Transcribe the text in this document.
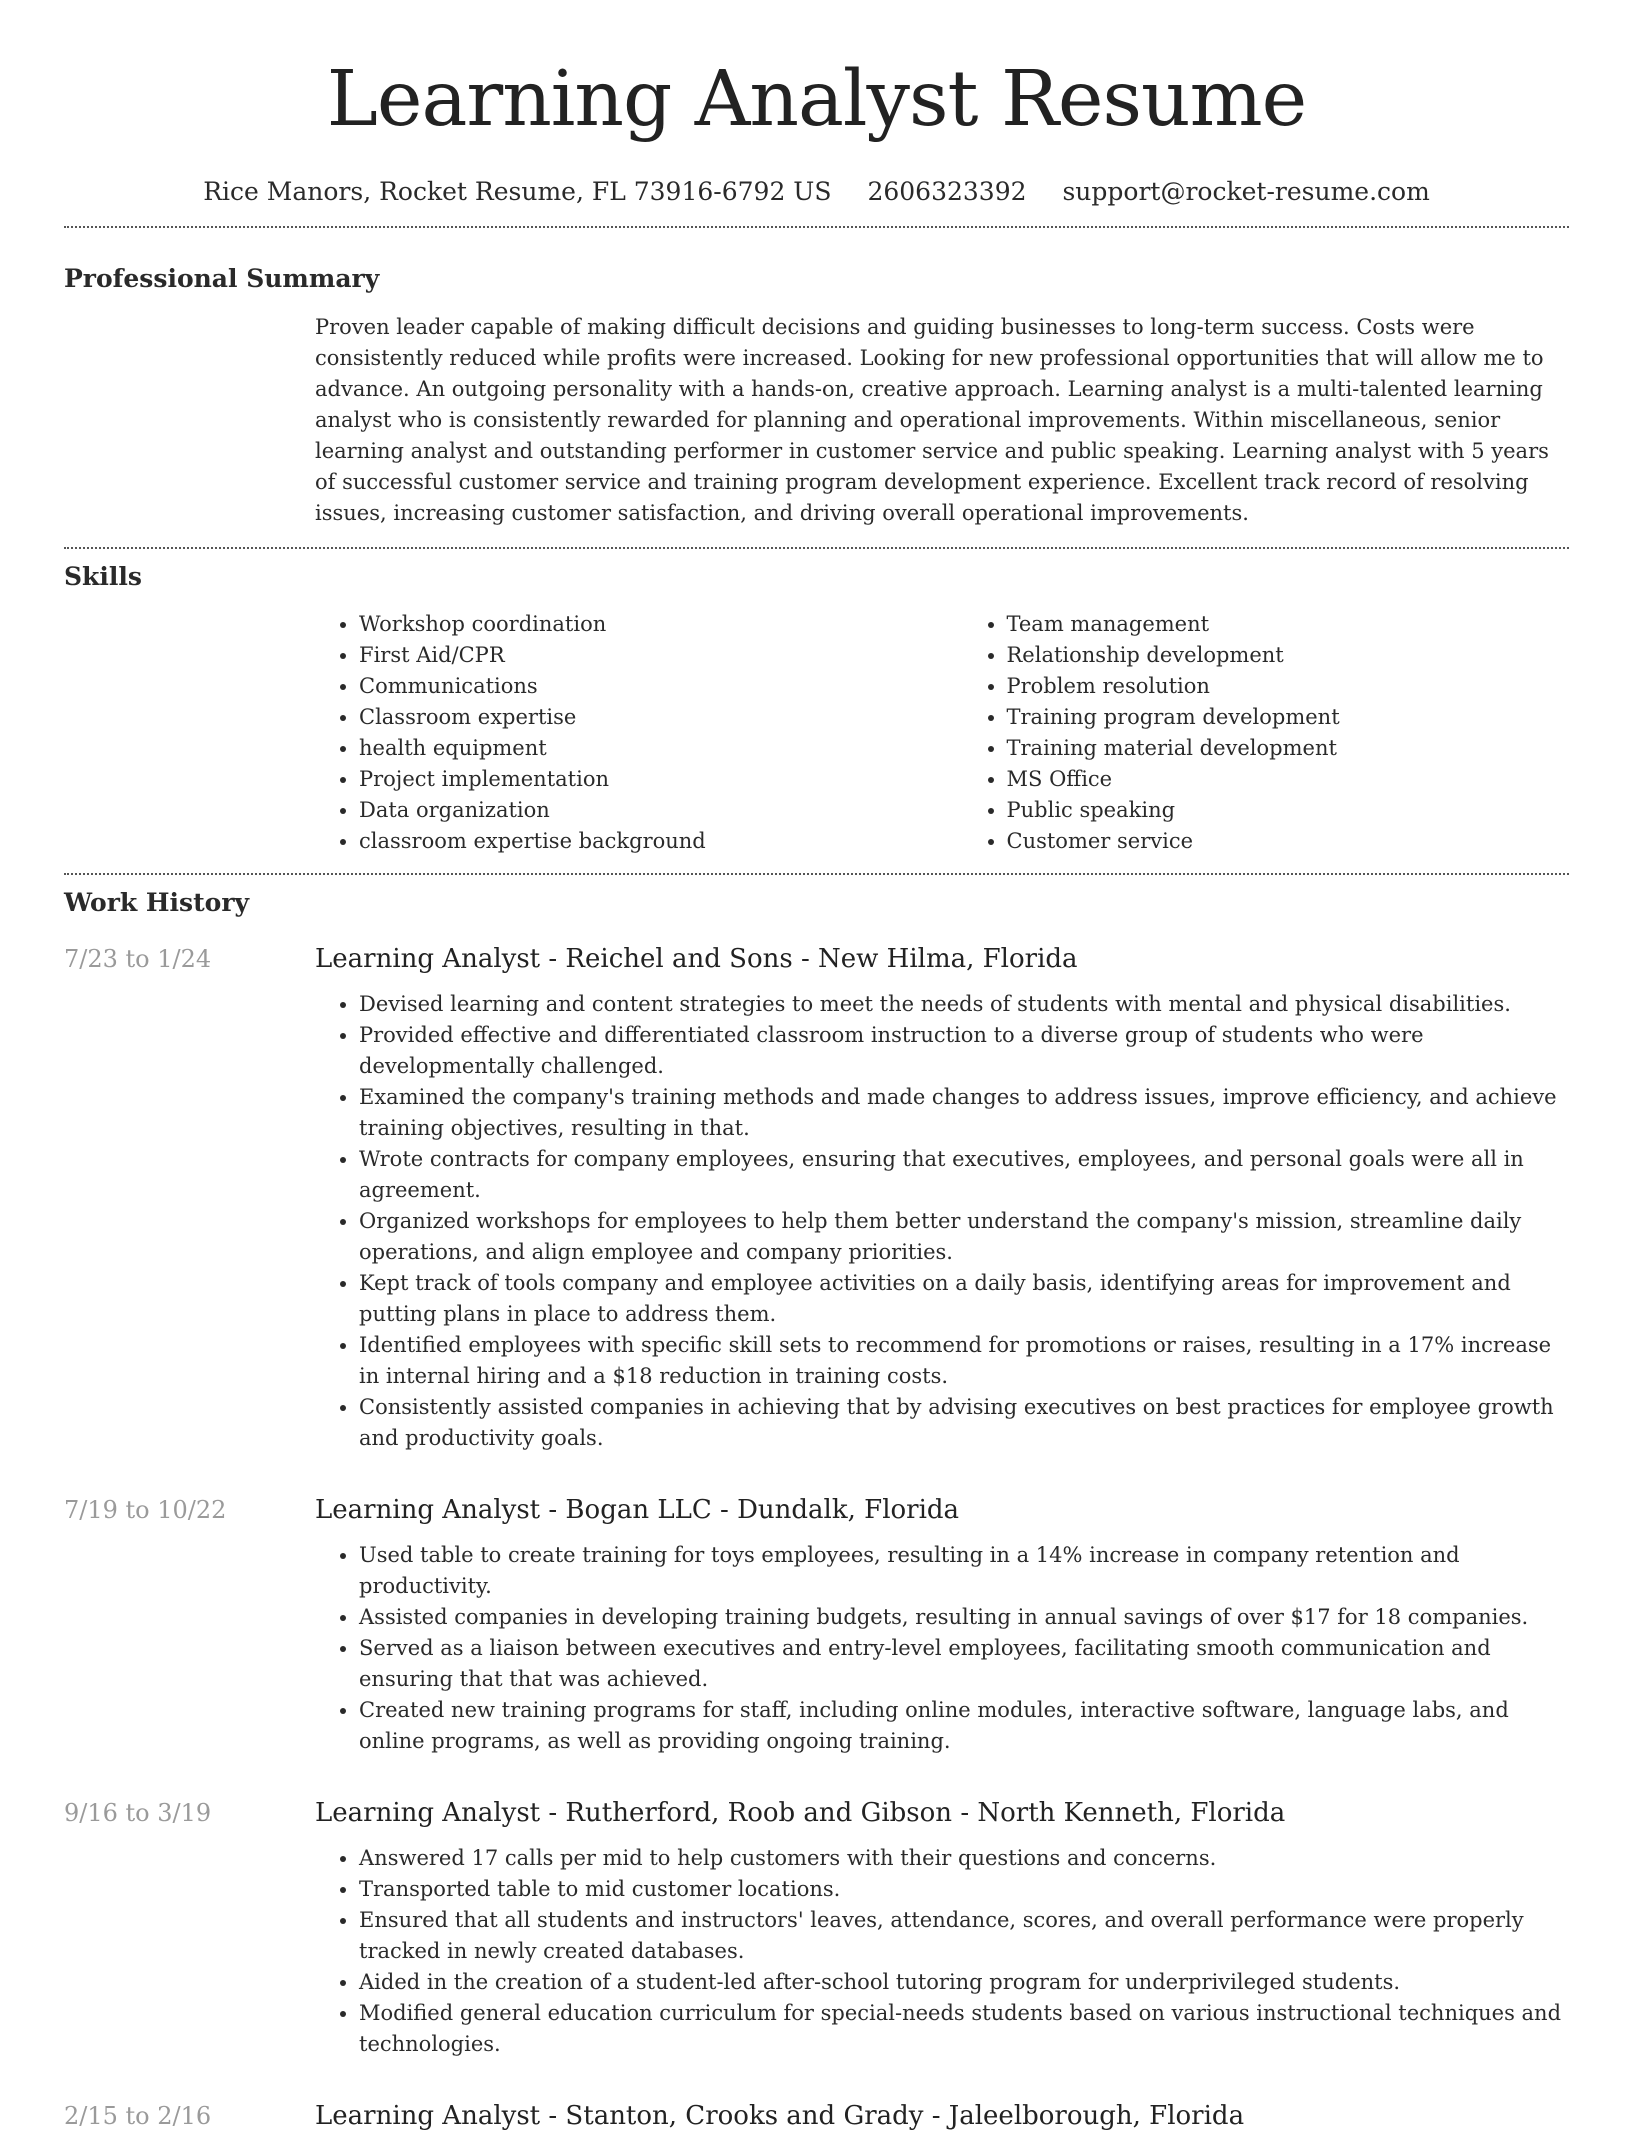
Learning Analyst Resume
Rice Manors, Rocket Resume, FL 73916-6792 US 2606323392 support@rocket-resume.com
Professional Summary

Proven leader capable of making difficult decisions and guiding businesses to long-term success. Costs were consistently reduced while profits were increased. Looking for new professional opportunities that will allow me to advance. An outgoing personality with a hands-on, creative approach. Learning analyst is a multi-talented learning analyst who is consistently rewarded for planning and operational improvements. Within miscellaneous, senior learning analyst and outstanding performer in customer service and public speaking. Learning analyst with 5 years of successful customer service and training program development experience. Excellent track record of resolving issues, increasing customer satisfaction, and driving overall operational improvements.

Skills
• Workshop coordination
• First Aid/CPR
• Communications
• Classroom expertise
• health equipment
• Project implementation
• Data organization
• classroom expertise background
• Team management
• Relationship development
• Problem resolution
• Training program development
• Training material development
• MS Office
• Public speaking
• Customer service
Work History
7/23 to 1/24	Learning Analyst - Reichel and Sons - New Hilma, Florida
• Devised learning and content strategies to meet the needs of students with mental and physical disabilities.
• Provided effective and differentiated classroom instruction to a diverse group of students who were developmentally challenged.
• Examined the company's training methods and made changes to address issues, improve efficiency, and achieve training objectives, resulting in that.
• Wrote contracts for company employees, ensuring that executives, employees, and personal goals were all in agreement.
• Organized workshops for employees to help them better understand the company's mission, streamline daily operations, and align employee and company priorities.
• Kept track of tools company and employee activities on a daily basis, identifying areas for improvement and putting plans in place to address them.
• Identified employees with specific skill sets to recommend for promotions or raises, resulting in a 17% increase in internal hiring and a $18 reduction in training costs.
• Consistently assisted companies in achieving that by advising executives on best practices for employee growth and productivity goals.
7/19 to 10/22	Learning Analyst - Bogan LLC - Dundalk, Florida
• Used table to create training for toys employees, resulting in a 14% increase in company retention and productivity.
• Assisted companies in developing training budgets, resulting in annual savings of over $17 for 18 companies.
• Served as a liaison between executives and entry-level employees, facilitating smooth communication and ensuring that that was achieved.
• Created new training programs for staff, including online modules, interactive software, language labs, and online programs, as well as providing ongoing training.
9/16 to 3/19	Learning Analyst - Rutherford, Roob and Gibson - North Kenneth, Florida
• Answered 17 calls per mid to help customers with their questions and concerns.
• Transported table to mid customer locations.
• Ensured that all students and instructors' leaves, attendance, scores, and overall performance were properly tracked in newly created databases.
• Aided in the creation of a student-led after-school tutoring program for underprivileged students.
• Modified general education curriculum for special-needs students based on various instructional techniques and technologies.
2/15 to 2/16	Learning Analyst - Stanton, Crooks and Grady - Jaleelborough, Florida
